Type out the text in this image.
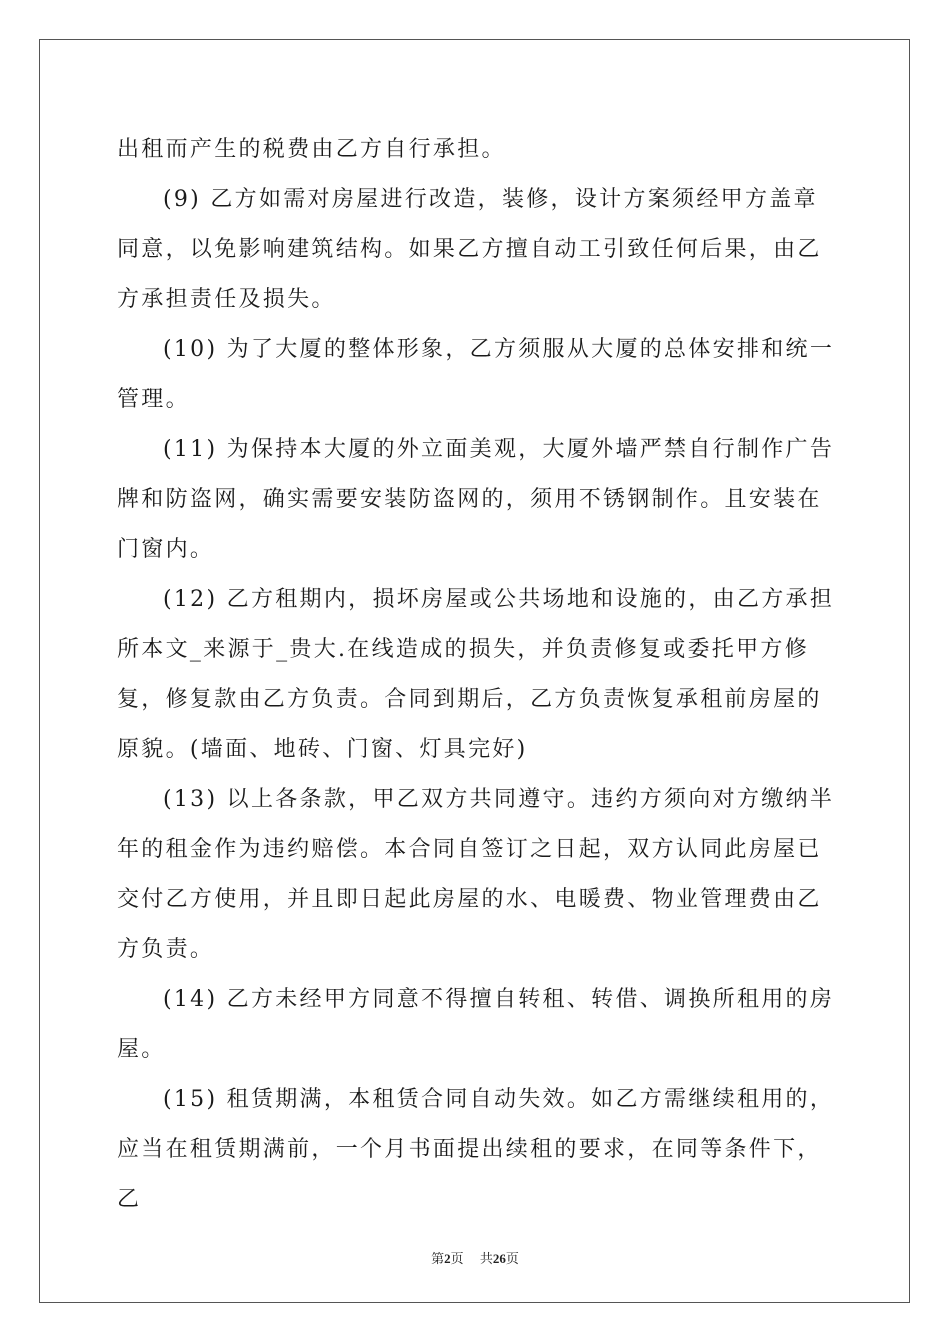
出租而产生的税费由乙方自行承担。

(9) 乙方如需对房屋进行改造，装修，设计方案须经甲方盖章同意，以免影响建筑结构。如果乙方擅自动工引致任何后果，由乙方承担责任及损失。

(10) 为了大厦的整体形象，乙方须服从大厦的总体安排和统一管理。

(11) 为保持本大厦的外立面美观，大厦外墙严禁自行制作广告牌和防盗网，确实需要安装防盗网的，须用不锈钢制作。且安装在门窗内。

(12) 乙方租期内，损坏房屋或公共场地和设施的，由乙方承担所本文_来源于_贵大.在线造成的损失，并负责修复或委托甲方修复，修复款由乙方负责。合同到期后，乙方负责恢复承租前房屋的原貌。(墙面、地砖、门窗、灯具完好)

(13) 以上各条款，甲乙双方共同遵守。违约方须向对方缴纳半年的租金作为违约赔偿。本合同自签订之日起，双方认同此房屋已交付乙方使用，并且即日起此房屋的水、电暖费、物业管理费由乙方负责。

(14) 乙方未经甲方同意不得擅自转租、转借、调换所租用的房屋。

(15) 租赁期满，本租赁合同自动失效。如乙方需继续租用的，应当在租赁期满前，一个月书面提出续租的要求，在同等条件下，乙

第2页 共26页
